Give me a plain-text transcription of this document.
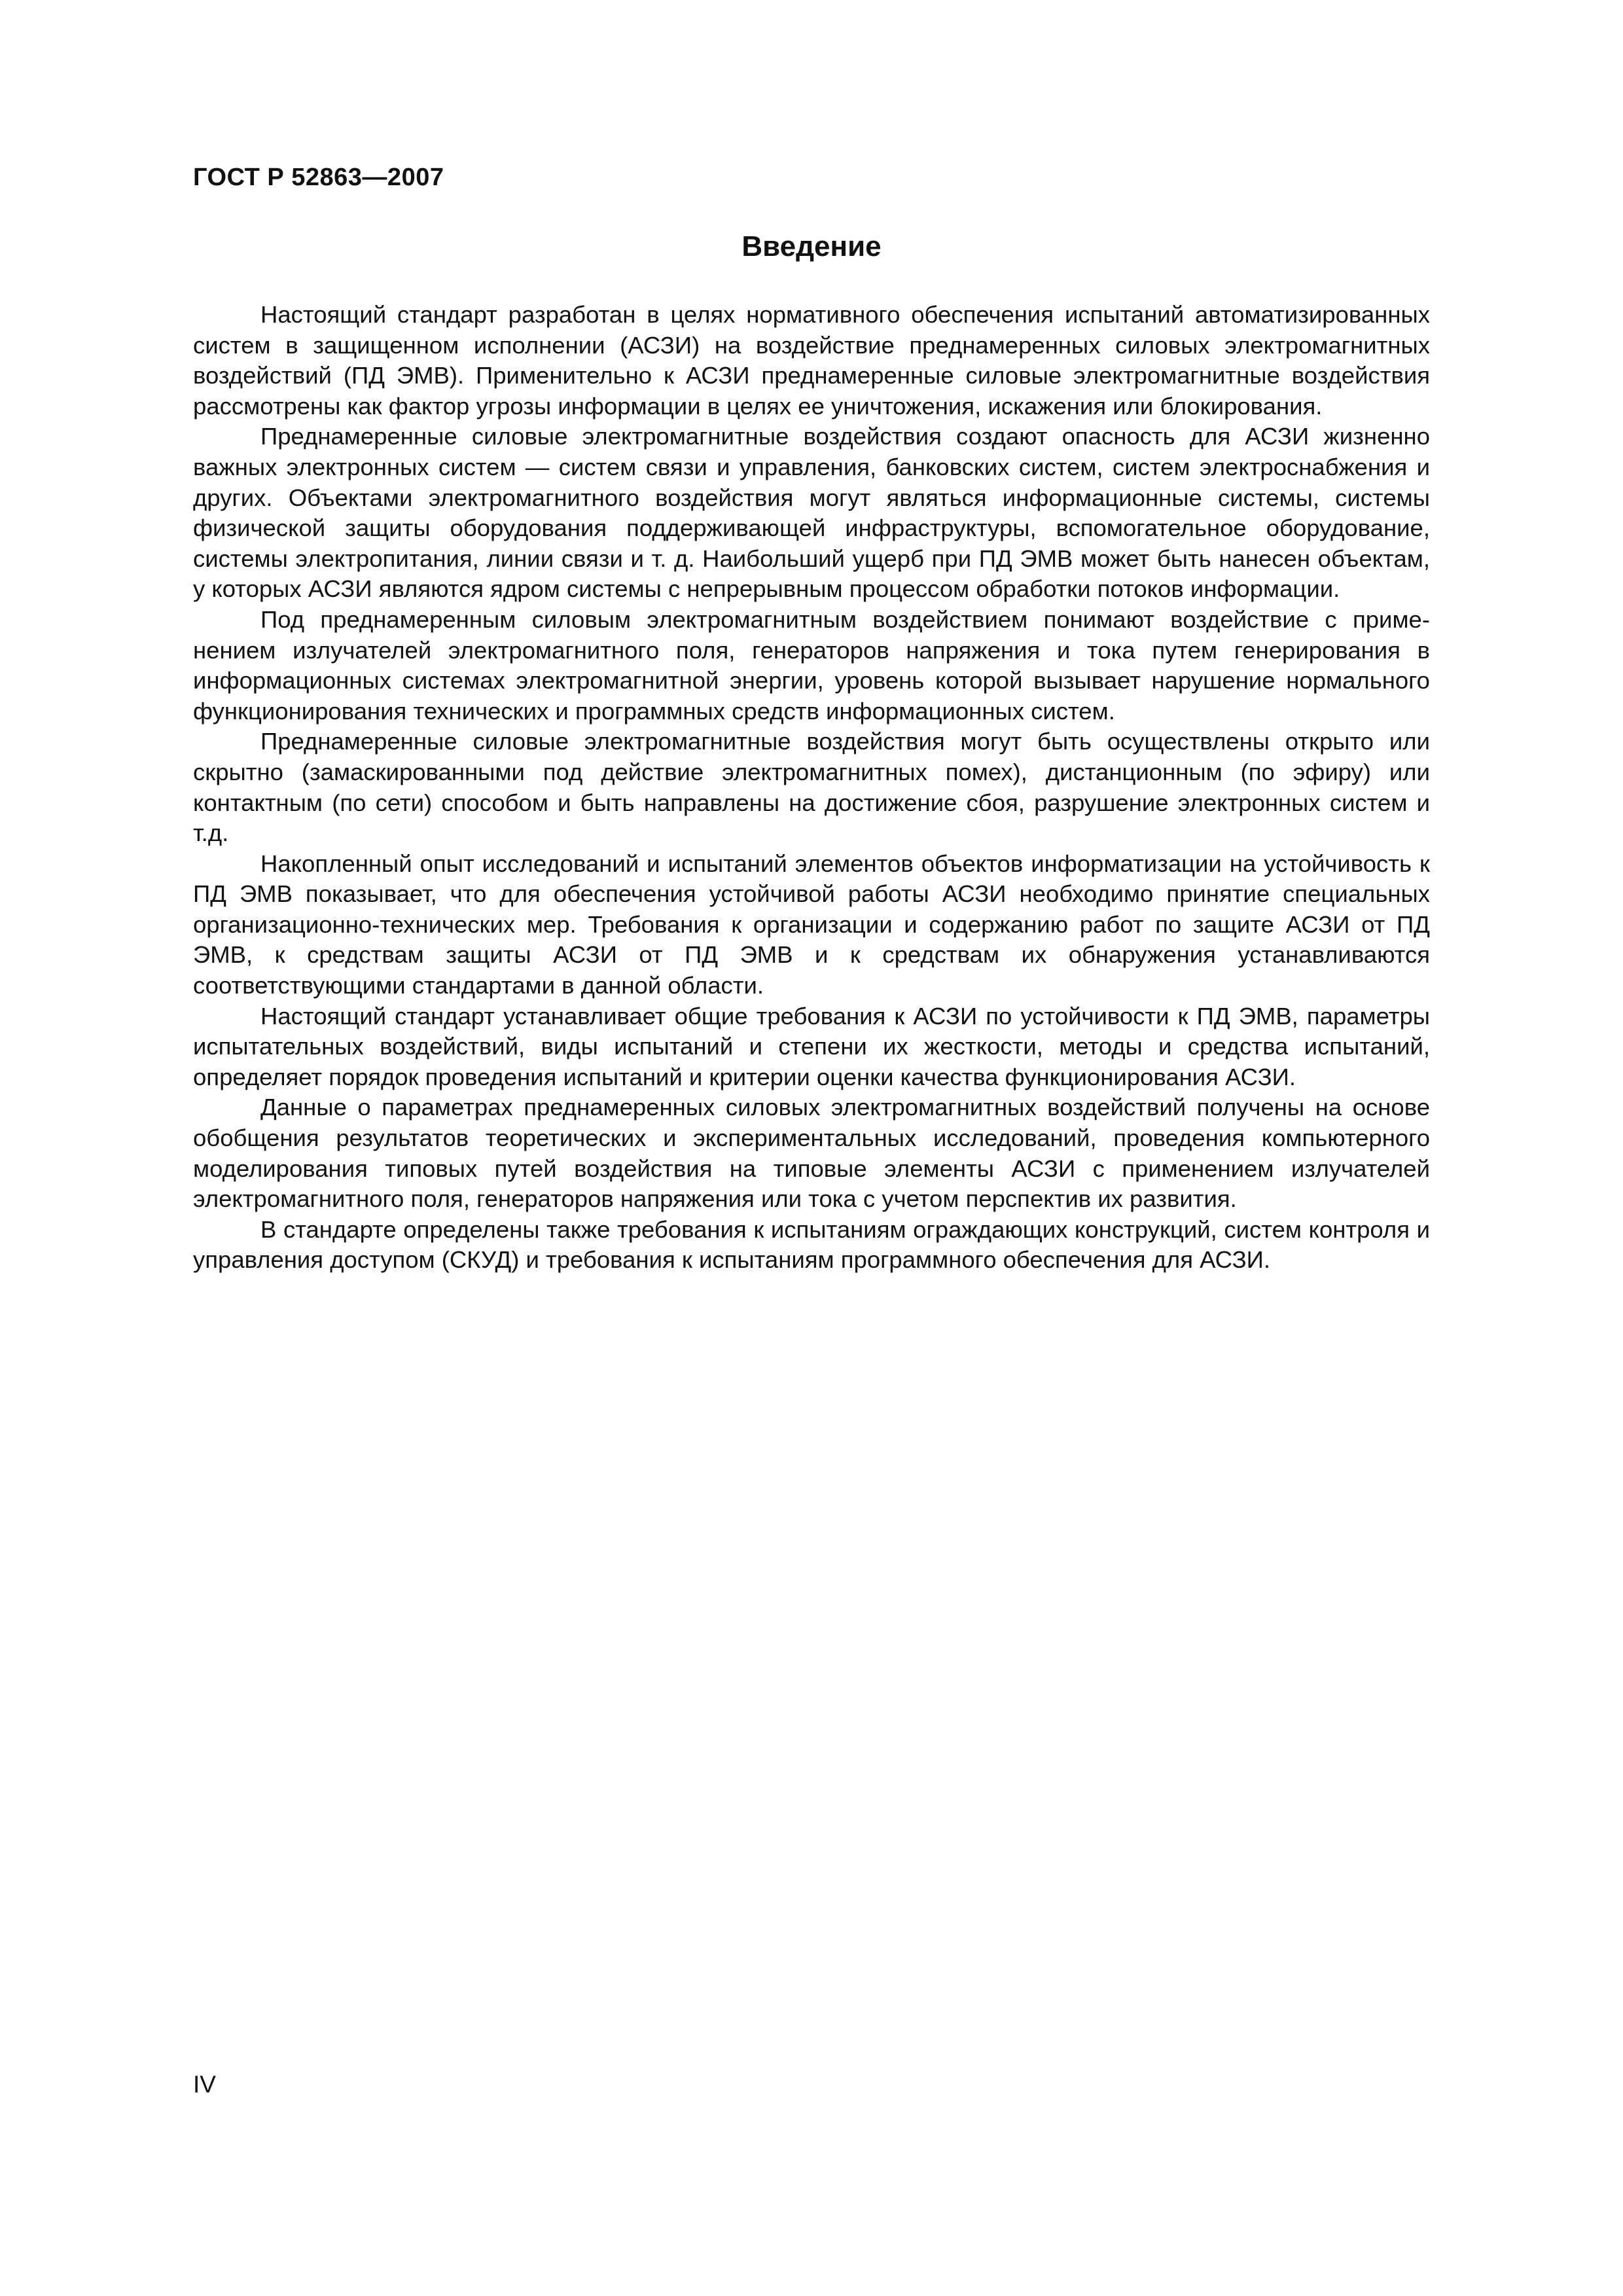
ГОСТ Р 52863—2007
Введение

Настоящий стандарт разработан в целях нормативного обеспечения испытаний автоматизированных систем в защищенном исполнении (АСЗИ) на воздействие преднамеренных силовых электромагнитных воздействий (ПД ЭМВ). Применительно к АСЗИ преднамеренные силовые электромагнитные воздействия рассмотрены как фактор угрозы информации в целях ее уничтожения, искажения или блокирования.

Преднамеренные силовые электромагнитные воздействия создают опасность для АСЗИ жизненно важных электронных систем — систем связи и управления, банковских систем, систем электроснабжения и других. Объектами электромагнитного воздействия могут являться информационные системы, системы физической защиты оборудования поддерживающей инфраструктуры, вспомогательное оборудование, системы электропитания, линии связи и т. д. Наибольший ущерб при ПД ЭМВ может быть нанесен объектам, у которых АСЗИ являются ядром системы с непрерывным процессом обработки потоков информации.

Под преднамеренным силовым электромагнитным воздействием понимают воздействие с применением излучателей электромагнитного поля, генераторов напряжения и тока путем генерирования в информационных системах электромагнитной энергии, уровень которой вызывает нарушение нормального функционирования технических и программных средств информационных систем.

Преднамеренные силовые электромагнитные воздействия могут быть осуществлены открыто или скрытно (замаскированными под действие электромагнитных помех), дистанционным (по эфиру) или контактным (по сети) способом и быть направлены на достижение сбоя, разрушение электронных систем и т.д.

Накопленный опыт исследований и испытаний элементов объектов информатизации на устойчивость к ПД ЭМВ показывает, что для обеспечения устойчивой работы АСЗИ необходимо принятие специальных организационно-технических мер. Требования к организации и содержанию работ по защите АСЗИ от ПД ЭМВ, к средствам защиты АСЗИ от ПД ЭМВ и к средствам их обнаружения устанавливаются соответствующими стандартами в данной области.

Настоящий стандарт устанавливает общие требования к АСЗИ по устойчивости к ПД ЭМВ, параметры испытательных воздействий, виды испытаний и степени их жесткости, методы и средства испытаний, определяет порядок проведения испытаний и критерии оценки качества функционирования АСЗИ.

Данные о параметрах преднамеренных силовых электромагнитных воздействий получены на основе обобщения результатов теоретических и экспериментальных исследований, проведения компьютерного моделирования типовых путей воздействия на типовые элементы АСЗИ с применением излучателей электромагнитного поля, генераторов напряжения или тока с учетом перспектив их развития.

В стандарте определены также требования к испытаниям ограждающих конструкций, систем контроля и управления доступом (СКУД) и требования к испытаниям программного обеспечения для АСЗИ.

IV
